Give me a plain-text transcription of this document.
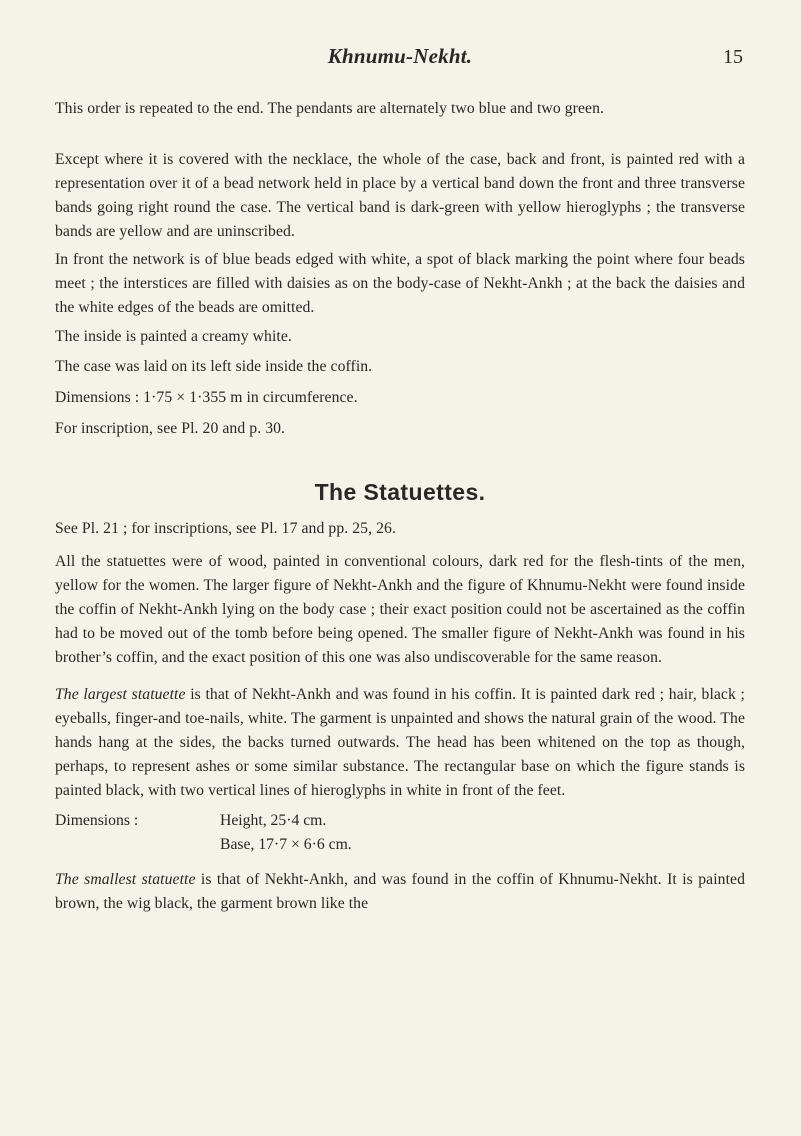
Khnumu-Nekht.	15

This order is repeated to the end. The pendants are alternately two blue and two green.

Except where it is covered with the necklace, the whole of the case, back and front, is painted red with a representation over it of a bead network held in place by a vertical band down the front and three transverse bands going right round the case. The vertical band is dark-green with yellow hieroglyphs ; the transverse bands are yellow and are uninscribed.

In front the network is of blue beads edged with white, a spot of black marking the point where four beads meet ; the interstices are filled with daisies as on the body-case of Nekht-Ankh ; at the back the daisies and the white edges of the beads are omitted.

The inside is painted a creamy white.

The case was laid on its left side inside the coffin.

Dimensions : 1·75 × 1·355 m in circumference.

For inscription, see Pl. 20 and p. 30.

The Statuettes.

See Pl. 21 ; for inscriptions, see Pl. 17 and pp. 25, 26.

All the statuettes were of wood, painted in conventional colours, dark red for the flesh-tints of the men, yellow for the women. The larger figure of Nekht-Ankh and the figure of Khnumu-Nekht were found inside the coffin of Nekht-Ankh lying on the body case ; their exact position could not be ascertained as the coffin had to be moved out of the tomb before being opened. The smaller figure of Nekht-Ankh was found in his brother’s coffin, and the exact position of this one was also undiscoverable for the same reason.

The largest statuette is that of Nekht-Ankh and was found in his coffin. It is painted dark red ; hair, black ; eyeballs, finger-and toe-nails, white. The garment is unpainted and shows the natural grain of the wood. The hands hang at the sides, the backs turned outwards. The head has been whitened on the top as though, perhaps, to represent ashes or some similar substance. The rectangular base on which the figure stands is painted black, with two vertical lines of hieroglyphs in white in front of the feet.

Dimensions :	Height, 25·4 cm.
Base, 17·7 × 6·6 cm.

The smallest statuette is that of Nekht-Ankh, and was found in the coffin of Khnumu-Nekht. It is painted brown, the wig black, the garment brown like the
